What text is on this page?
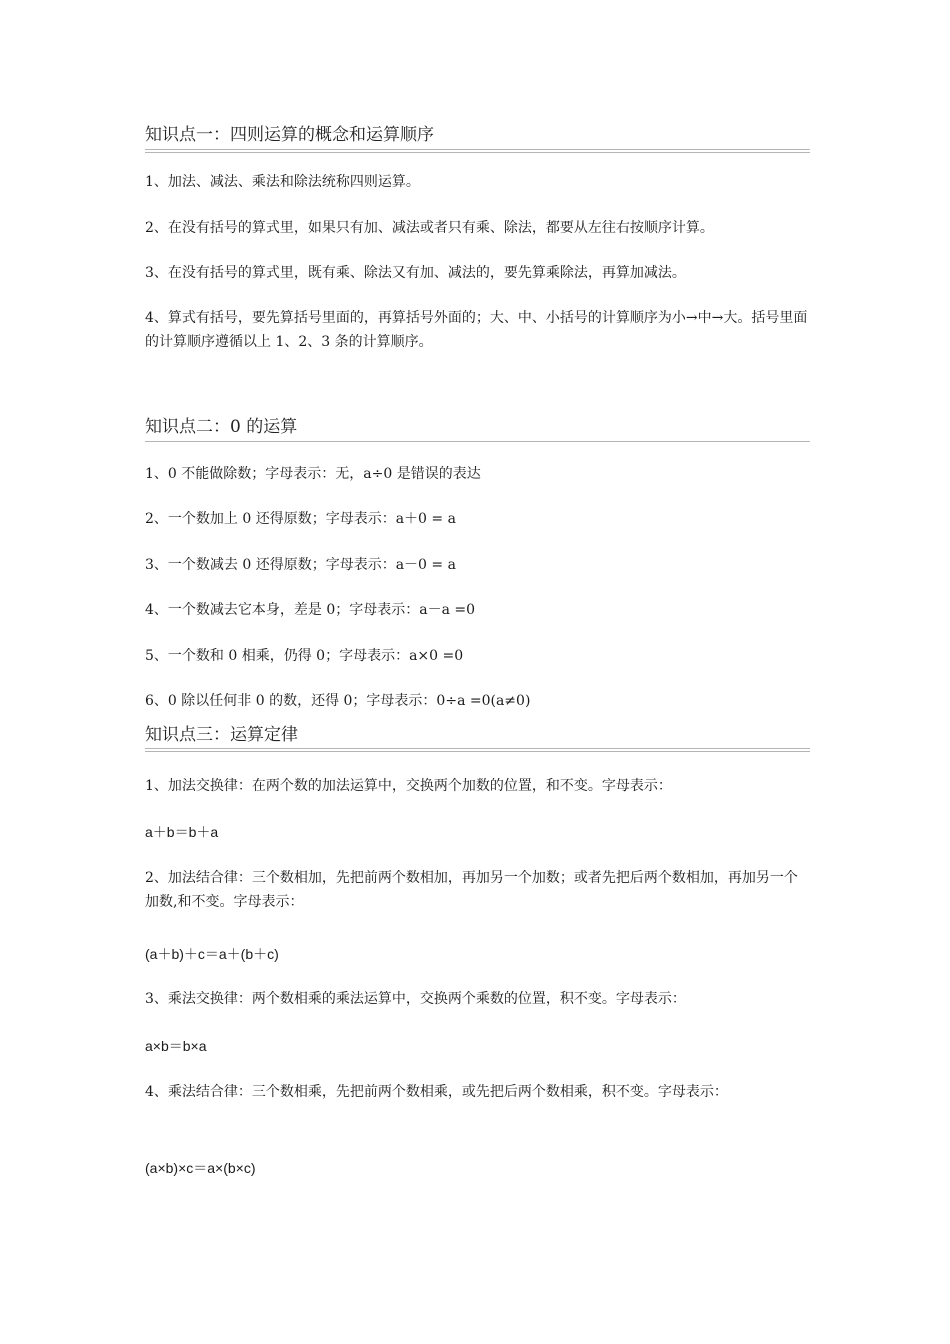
知识点一：四则运算的概念和运算顺序
1、加法、减法、乘法和除法统称四则运算。
2、在没有括号的算式里，如果只有加、减法或者只有乘、除法，都要从左往右按顺序计算。
3、在没有括号的算式里，既有乘、除法又有加、减法的，要先算乘除法，再算加减法。
4、算式有括号，要先算括号里面的，再算括号外面的；大、中、小括号的计算顺序为小→中→大。括号里面的计算顺序遵循以上 1、2、3 条的计算顺序。
知识点二：0 的运算
1、0 不能做除数；字母表示：无，a÷0 是错误的表达
2、一个数加上 0 还得原数；字母表示：a＋0 = a
3、一个数减去 0 还得原数；字母表示：a－0 = a
4、一个数减去它本身，差是 0；字母表示：a－a =0
5、一个数和 0 相乘，仍得 0；字母表示：a×0 =0
6、0 除以任何非 0 的数，还得 0；字母表示：0÷a =0(a≠0)
知识点三：运算定律
1、加法交换律：在两个数的加法运算中，交换两个加数的位置，和不变。字母表示：
a＋b＝b＋a
2、加法结合律：三个数相加，先把前两个数相加，再加另一个加数；或者先把后两个数相加，再加另一个加数,和不变。字母表示：
(a＋b)＋c＝a＋(b＋c)
3、乘法交换律：两个数相乘的乘法运算中，交换两个乘数的位置，积不变。字母表示：
a×b＝b×a
4、乘法结合律：三个数相乘，先把前两个数相乘，或先把后两个数相乘，积不变。字母表示：
(a×b)×c＝a×(b×c)
